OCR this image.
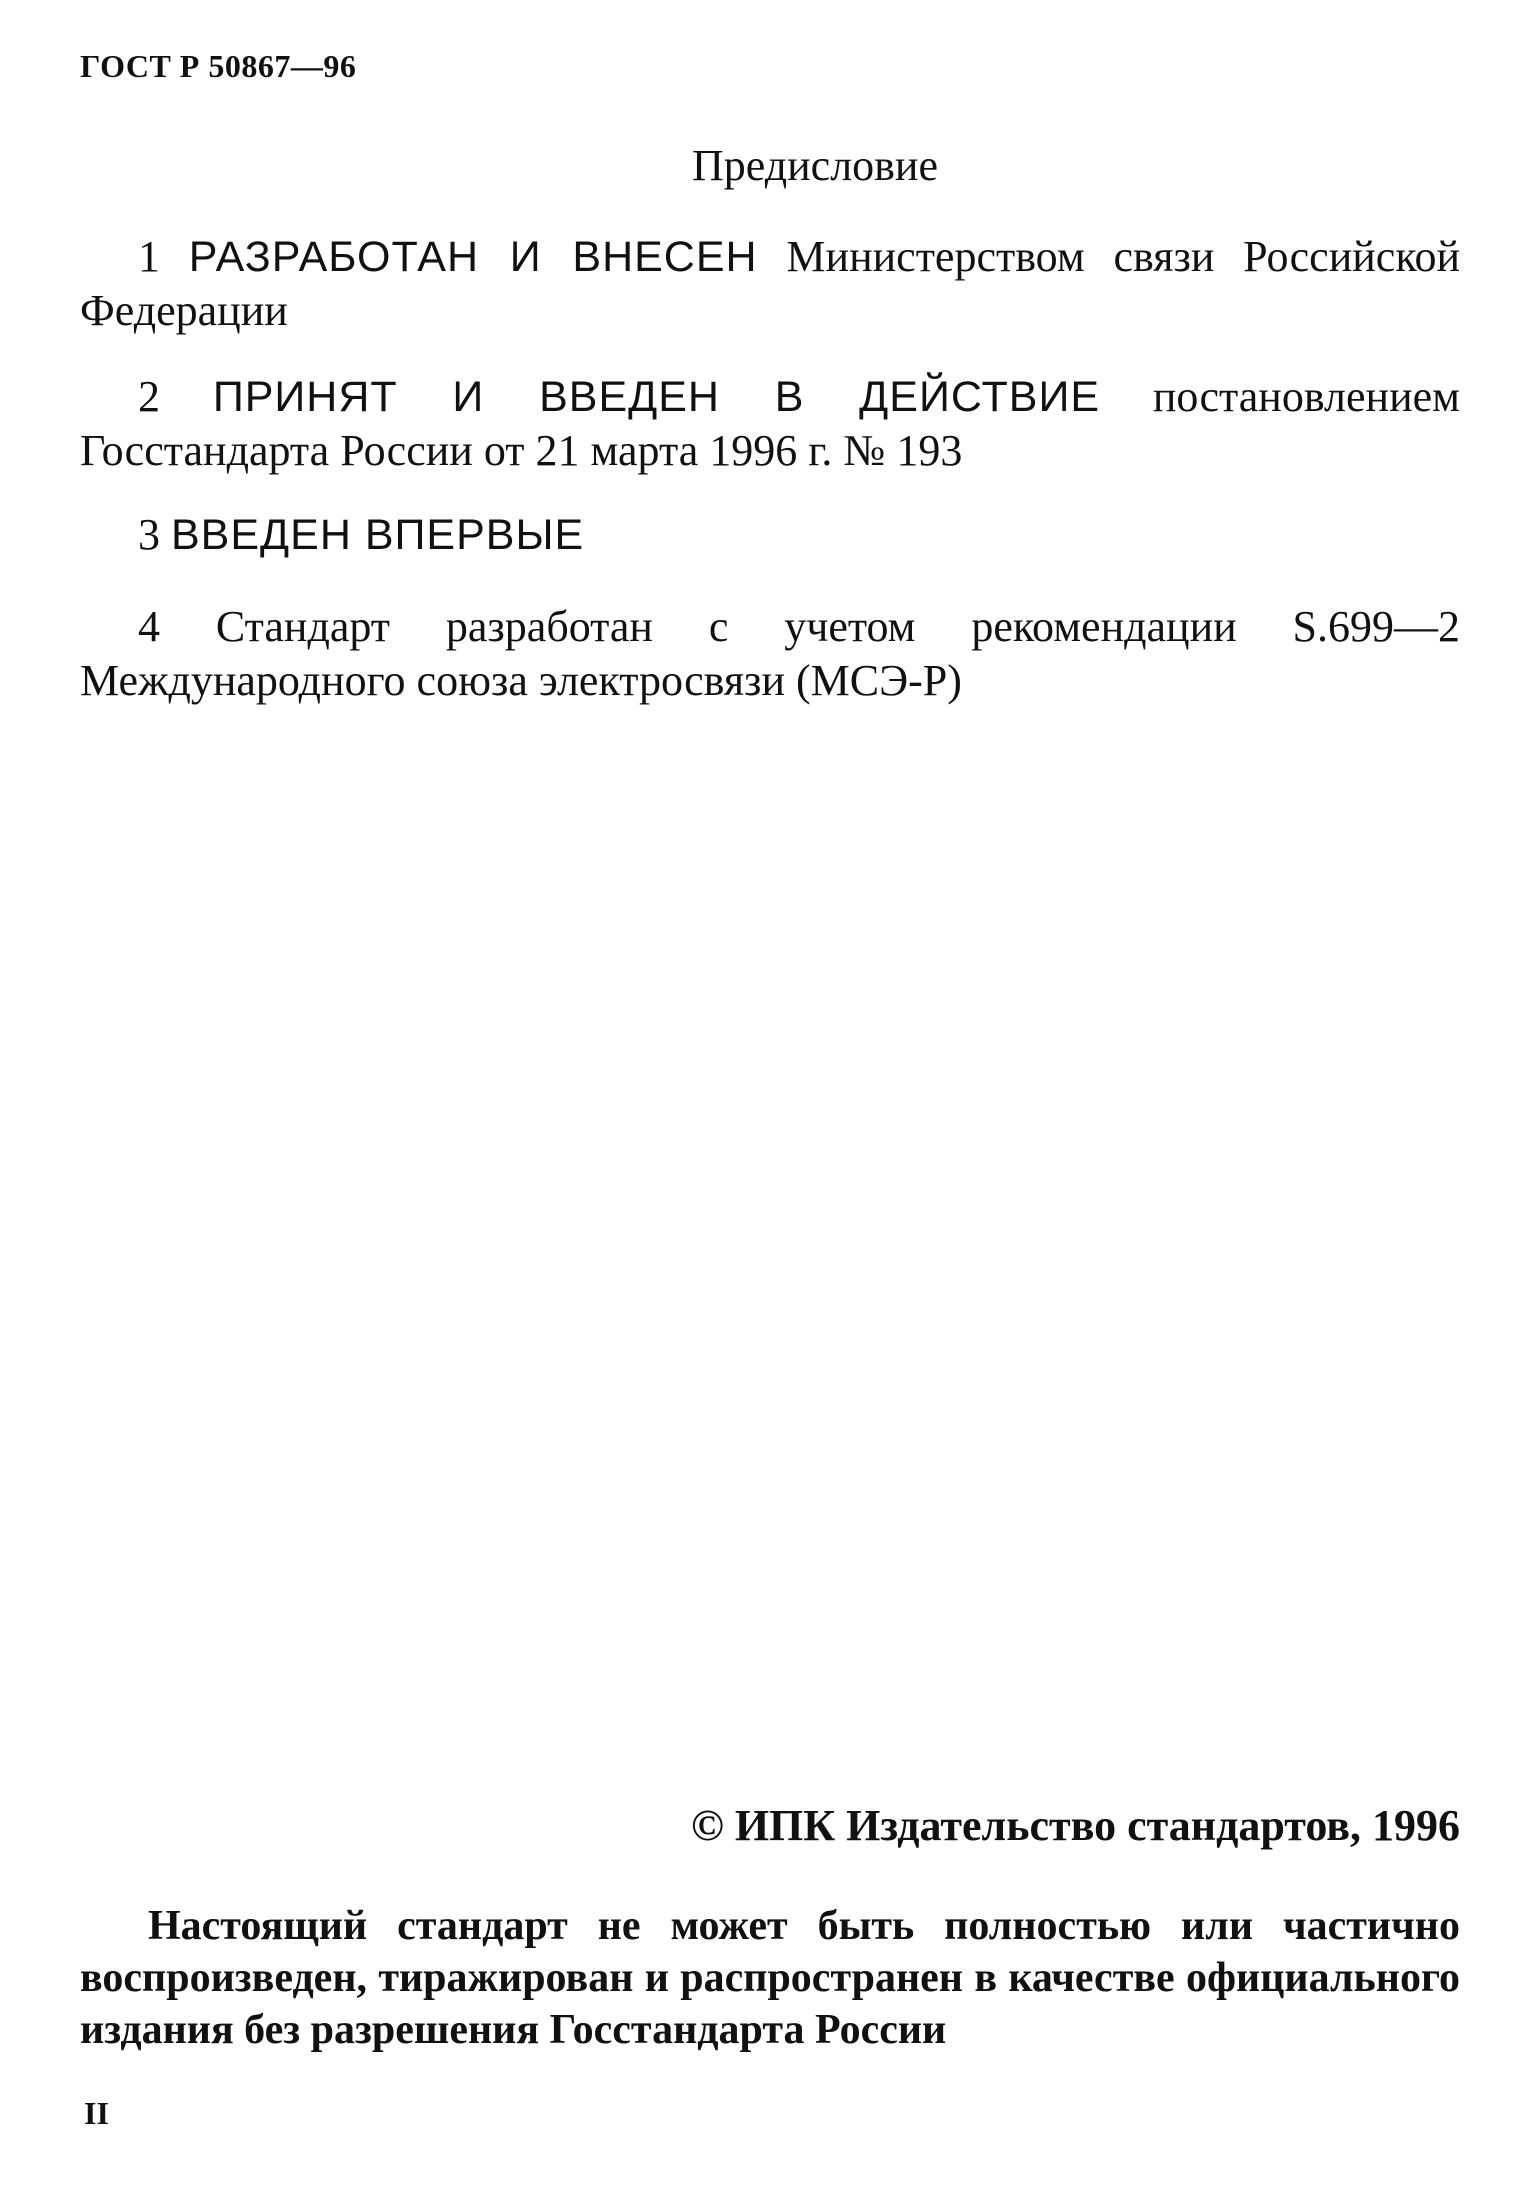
ГОСТ Р 50867—96
Предисловие
1 РАЗРАБОТАН И ВНЕСЕН Министерством связи Российской Федерации
2 ПРИНЯТ И ВВЕДЕН В ДЕЙСТВИЕ постановлением Госстандарта России от 21 марта 1996 г. № 193
3 ВВЕДЕН ВПЕРВЫЕ
4 Стандарт разработан с учетом рекомендации S.699—2 Международного союза электросвязи (МСЭ-Р)
© ИПК Издательство стандартов, 1996
Настоящий стандарт не может быть полностью или частично воспроизведен, тиражирован и распространен в качестве официального издания без разрешения Госстандарта России
II
